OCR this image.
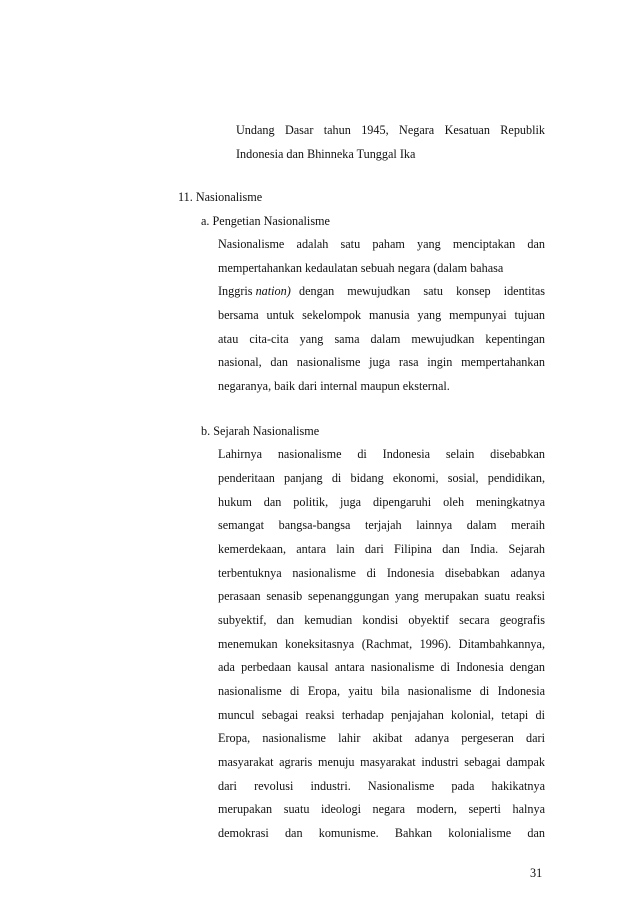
Undang Dasar tahun 1945, Negara Kesatuan Republik
Indonesia dan Bhinneka Tunggal Ika
11. Nasionalisme
a. Pengetian Nasionalisme
Nasionalisme adalah satu paham yang menciptakan dan
mempertahankan kedaulatan sebuah negara (dalam bahasa
Inggris nation) dengan mewujudkan satu konsep identitas
bersama untuk sekelompok manusia yang mempunyai tujuan
atau cita-cita yang sama dalam mewujudkan kepentingan
nasional, dan nasionalisme juga rasa ingin mempertahankan
negaranya, baik dari internal maupun eksternal.
b. Sejarah Nasionalisme
Lahirnya nasionalisme di Indonesia selain disebabkan
penderitaan panjang di bidang ekonomi, sosial, pendidikan,
hukum dan politik, juga dipengaruhi oleh meningkatnya
semangat bangsa-bangsa terjajah lainnya dalam meraih
kemerdekaan, antara lain dari Filipina dan India. Sejarah
terbentuknya nasionalisme di Indonesia disebabkan adanya
perasaan senasib sepenanggungan yang merupakan suatu reaksi
subyektif, dan kemudian kondisi obyektif secara geografis
menemukan koneksitasnya (Rachmat, 1996). Ditambahkannya,
ada perbedaan kausal antara nasionalisme di Indonesia dengan
nasionalisme di Eropa, yaitu bila nasionalisme di Indonesia
muncul sebagai reaksi terhadap penjajahan kolonial, tetapi di
Eropa, nasionalisme lahir akibat adanya pergeseran dari
masyarakat agraris menuju masyarakat industri sebagai dampak
dari revolusi industri. Nasionalisme pada hakikatnya
merupakan suatu ideologi negara modern, seperti halnya
demokrasi dan komunisme. Bahkan kolonialisme dan
31
